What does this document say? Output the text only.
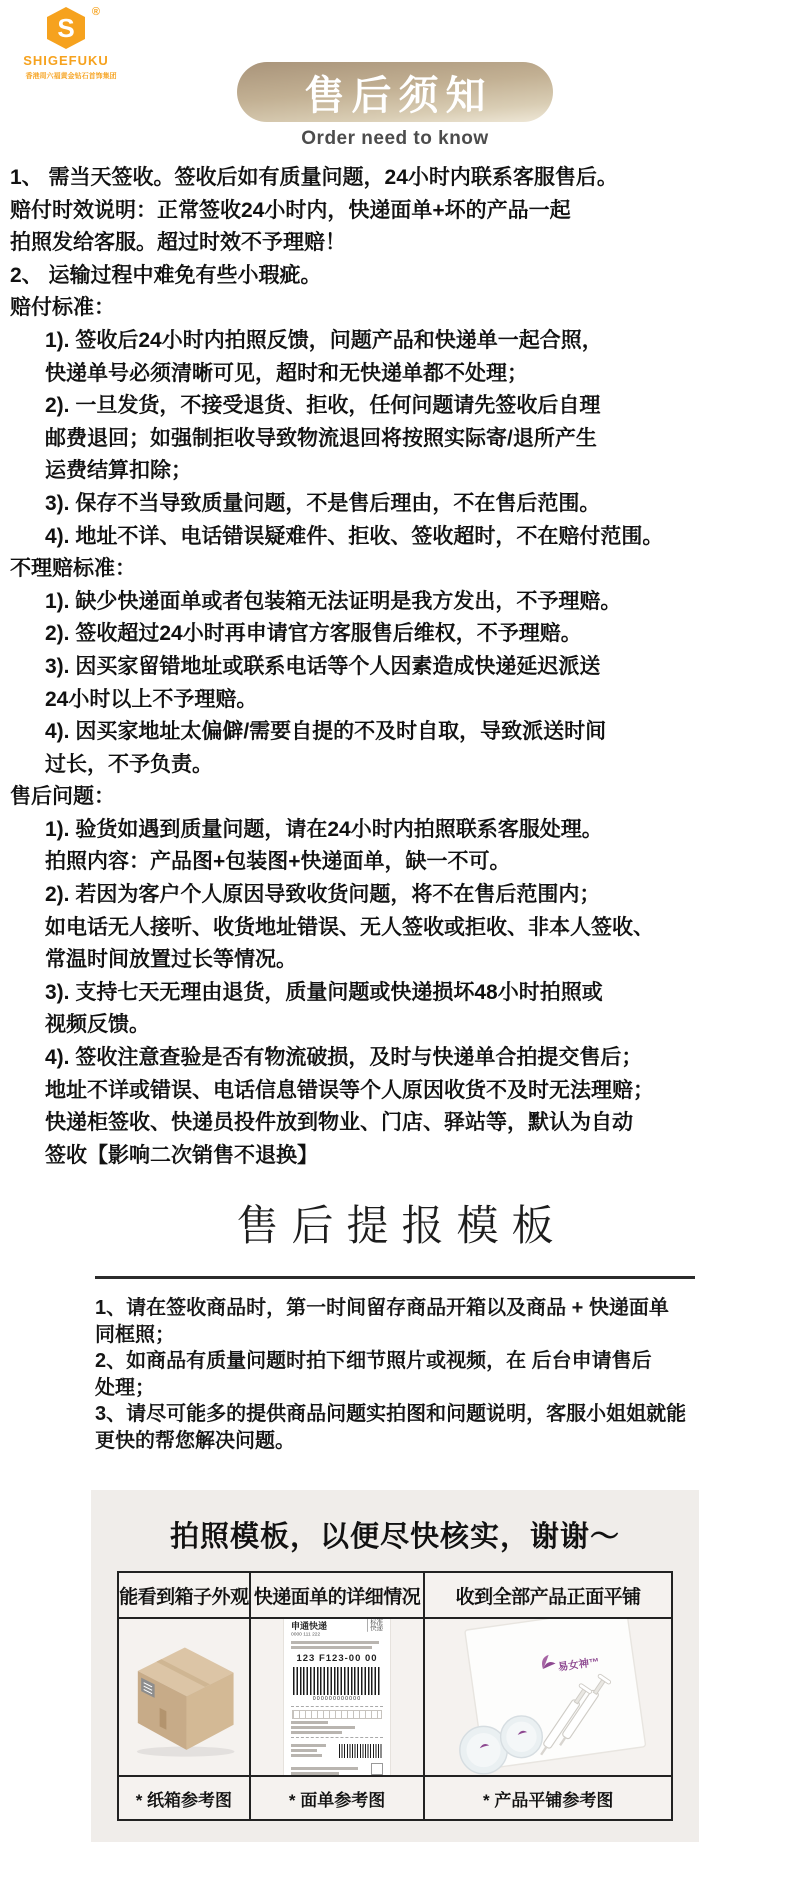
S
®
SHIGEFUKU
香港周六福黄金钻石首饰集团	售后须知
Order need to know
1、 需当天签收。签收后如有质量问题，24小时内联系客服售后。
赔付时效说明：正常签收24小时内，快递面单+坏的产品一起
拍照发给客服。超过时效不予理赔！
2、 运输过程中难免有些小瑕疵。
赔付标准：
1). 签收后24小时内拍照反馈，问题产品和快递单一起合照，
快递单号必须清晰可见，超时和无快递单都不处理；
2). 一旦发货，不接受退货、拒收，任何问题请先签收后自理
邮费退回；如强制拒收导致物流退回将按照实际寄/退所产生
运费结算扣除；
3). 保存不当导致质量问题，不是售后理由，不在售后范围。
4). 地址不详、电话错误疑难件、拒收、签收超时，不在赔付范围。
不理赔标准：
1). 缺少快递面单或者包装箱无法证明是我方发出，不予理赔。
2). 签收超过24小时再申请官方客服售后维权，不予理赔。
3). 因买家留错地址或联系电话等个人因素造成快递延迟派送
24小时以上不予理赔。
4). 因买家地址太偏僻/需要自提的不及时自取，导致派送时间
过长，不予负责。
售后问题：
1). 验货如遇到质量问题，请在24小时内拍照联系客服处理。
拍照内容：产品图+包装图+快递面单，缺一不可。
2). 若因为客户个人原因导致收货问题，将不在售后范围内；
如电话无人接听、收货地址错误、无人签收或拒收、非本人签收、
常温时间放置过长等情况。
3). 支持七天无理由退货，质量问题或快递损坏48小时拍照或
视频反馈。
4). 签收注意查验是否有物流破损，及时与快递单合拍提交售后；
地址不详或错误、电话信息错误等个人原因收货不及时无法理赔；
快递柜签收、快递员投件放到物业、门店、驿站等，默认为自动
签收【影响二次销售不退换】
售后提报模板
1、请在签收商品时，第一时间留存商品开箱以及商品 + 快递面单
同框照；
2、如商品有质量问题时拍下细节照片或视频，在 后台申请售后
处理；
3、请尽可能多的提供商品问题实拍图和问题说明，客服小姐姐就能
更快的帮您解决问题。
拍照模板，以便尽快核实，谢谢～
能看到箱子外观
* 纸箱参考图
快递面单的详细情况
申通快递
0000 111 222
标准
快递
123 F123-00 00
000000000000
* 面单参考图
收到全部产品正面平铺
易女神™
* 产品平铺参考图
